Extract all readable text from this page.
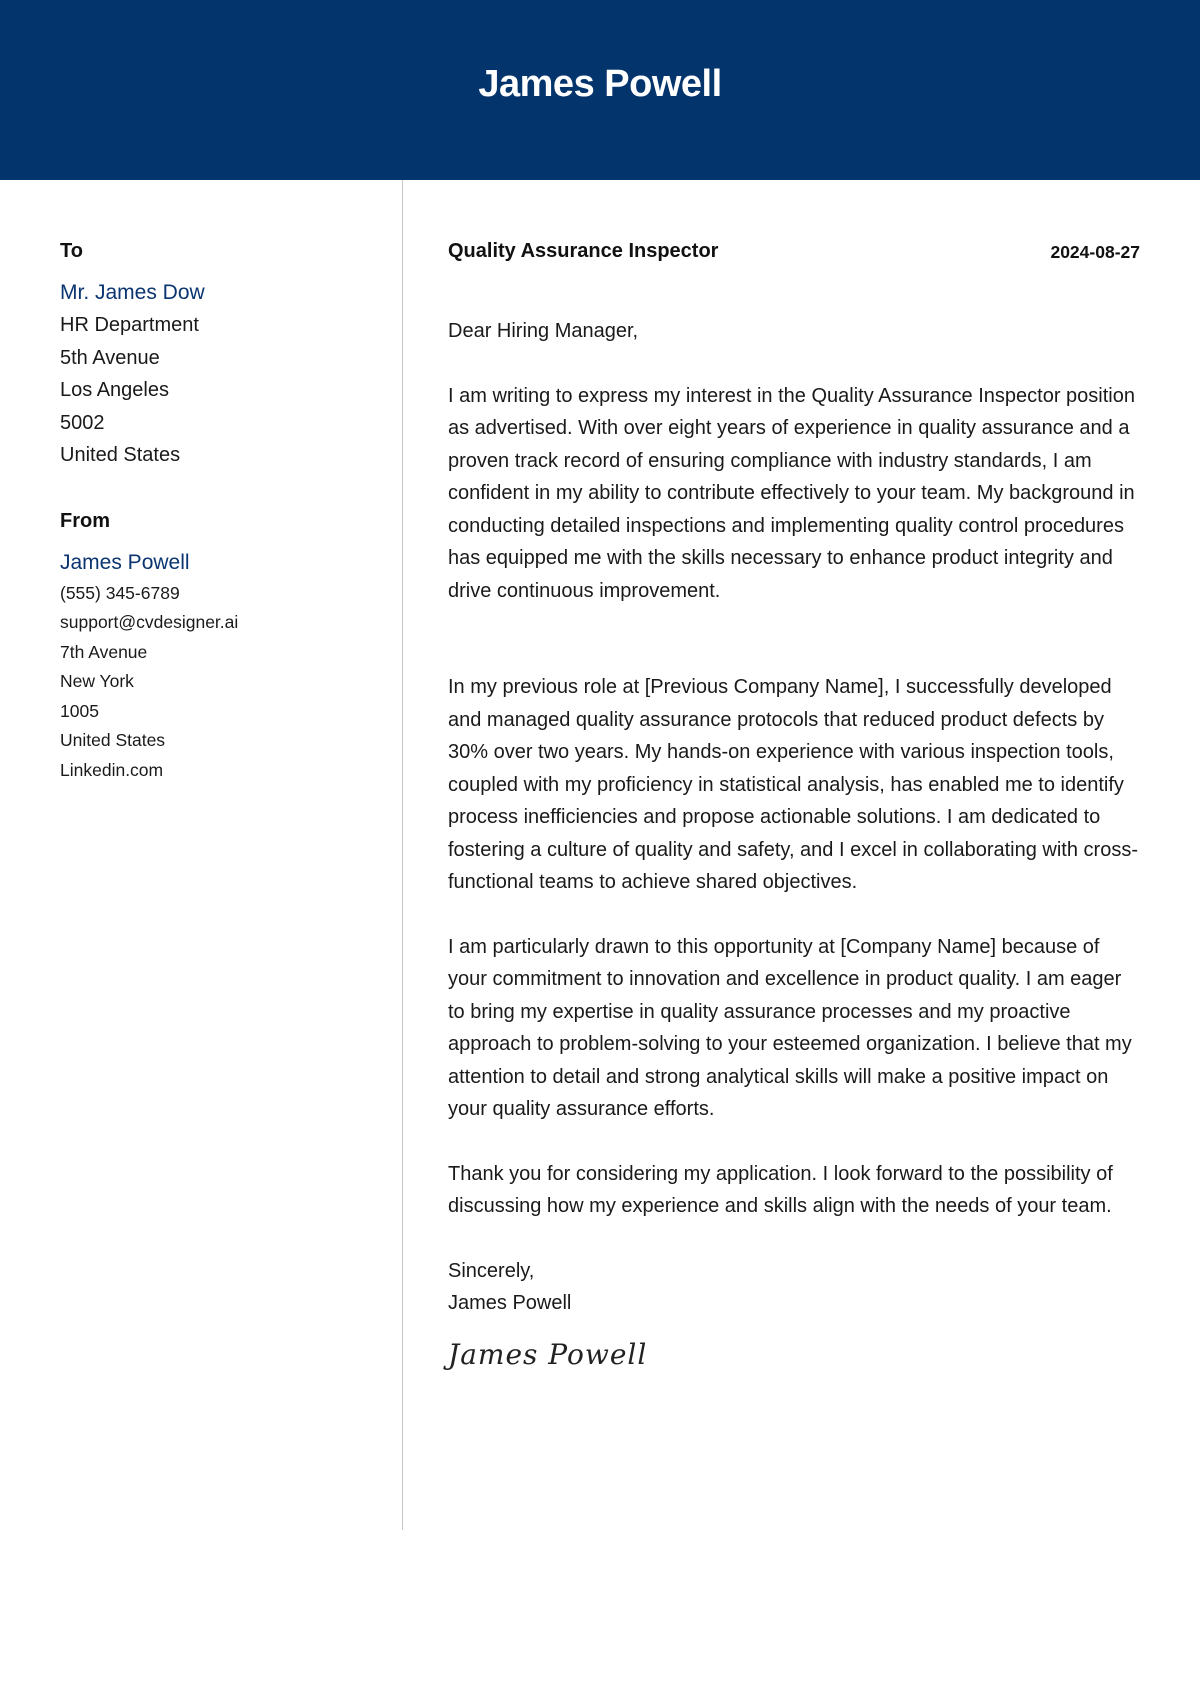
James Powell
To
Mr. James Dow
HR Department
5th Avenue
Los Angeles
5002
United States
From
James Powell
(555) 345-6789
support@cvdesigner.ai
7th Avenue
New York
1005
United States
Linkedin.com
Quality Assurance Inspector	2024-08-27
Dear Hiring Manager,
I am writing to express my interest in the Quality Assurance Inspector position as advertised. With over eight years of experience in quality assurance and a proven track record of ensuring compliance with industry standards, I am confident in my ability to contribute effectively to your team. My background in conducting detailed inspections and implementing quality control procedures has equipped me with the skills necessary to enhance product integrity and drive continuous improvement.
In my previous role at [Previous Company Name], I successfully developed and managed quality assurance protocols that reduced product defects by 30% over two years. My hands-on experience with various inspection tools, coupled with my proficiency in statistical analysis, has enabled me to identify process inefficiencies and propose actionable solutions. I am dedicated to fostering a culture of quality and safety, and I excel in collaborating with cross-functional teams to achieve shared objectives.
I am particularly drawn to this opportunity at [Company Name] because of your commitment to innovation and excellence in product quality. I am eager to bring my expertise in quality assurance processes and my proactive approach to problem-solving to your esteemed organization. I believe that my attention to detail and strong analytical skills will make a positive impact on your quality assurance efforts.
Thank you for considering my application. I look forward to the possibility of discussing how my experience and skills align with the needs of your team.
Sincerely,
James Powell
James Powell
